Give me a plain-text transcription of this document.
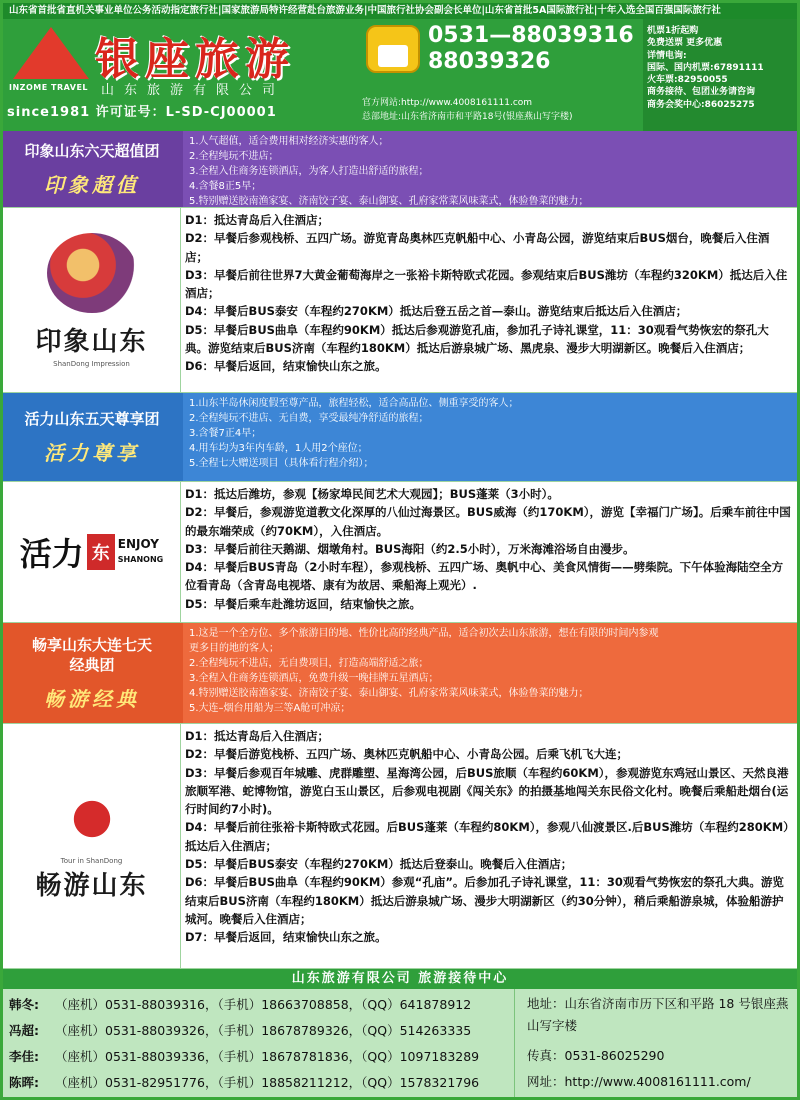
山东省首批省直机关事业单位公务活动指定旅行社|国家旅游局特许经营赴台旅游业务|中国旅行社协会副会长单位|山东省首批5A国际旅行社|十年入选全国百强国际旅行社
INZOME TRAVEL
银座旅游
山东旅游有限公司
since1981 许可证号：L-SD-CJ00001
0531—88039316
88039326
官方网站:http://www.4008161111.com
总部地址:山东省济南市和平路18号(银座燕山写字楼)
机票1折起购
免费送票 更多优惠
详情电询:
国际、国内机票:67891111
火车票:82950055
商务接待、包团业务请咨询
商务会奖中心:86025275
印象山东六天超值团
印象超值
1.人气超值，适合费用相对经济实惠的客人；
2.全程纯玩不进店；
3.全程入住商务连锁酒店，为客人打造出舒适的旅程；
4.含餐8正5早；
5.特别赠送胶南渔家宴、济南饺子宴、泰山御宴、孔府家常菜风味菜式，体验鲁菜的魅力；
印象山东
ShanDong Impression

D1：抵达青岛后入住酒店；

D2：早餐后参观栈桥、五四广场。游览青岛奥林匹克帆船中心、小青岛公园，游览结束后BUS烟台，晚餐后入住酒店；

D3：早餐后前往世界7大黄金葡萄海岸之一张裕卡斯特欧式花园。参观结束后BUS潍坊（车程约320KM）抵达后入住酒店；

D4：早餐后BUS泰安（车程约270KM）抵达后登五岳之首—泰山。游览结束后抵达后入住酒店；

D5：早餐后BUS曲阜（车程约90KM）抵达后参观游览孔庙，参加孔子诗礼课堂，11：30观看气势恢宏的祭孔大典。游览结束后BUS济南（车程约180KM）抵达后游泉城广场、黑虎泉、漫步大明湖新区。晚餐后入住酒店；

D6：早餐后返回，结束愉快山东之旅。

活力山东五天尊享团
活力尊享
1.山东半岛休闲度假至尊产品，旅程轻松，适合高品位、侧重享受的客人；
2.全程纯玩不进店、无自费，享受最纯净舒适的旅程；
3.含餐7正4早；
4.用车均为3年内车龄，1人用2个座位；
5.全程七大赠送项目（具体看行程介绍）；
活力 东 ENJOY
SHANONG

D1：抵达后潍坊，参观【杨家埠民间艺术大观园】；BUS蓬莱（3小时）。

D2：早餐后，参观游览道教文化深厚的八仙过海景区。BUS威海（约170KM），游览【幸福门广场】。后乘车前往中国的最东端荣成（约70KM），入住酒店。

D3：早餐后前往天鹅湖、烟墩角村。BUS海阳（约2.5小时），万米海滩浴场自由漫步。

D4：早餐后BUS青岛（2小时车程），参观栈桥、五四广场、奥帆中心、美食风情街——劈柴院。下午体验海陆空全方位看青岛（含青岛电视塔、康有为故居、乘船海上观光）.

D5：早餐后乘车赴潍坊返回，结束愉快之旅。

畅享山东大连七天经典团
畅游经典
1.这是一个全方位、多个旅游目的地、性价比高的经典产品，适合初次去山东旅游，想在有限的时间内参观
更多目的地的客人；
2.全程纯玩不进店，无自费项目，打造高端舒适之旅；
3.全程入住商务连锁酒店，免费升级一晚挂牌五星酒店；
4.特别赠送胶南渔家宴、济南饺子宴、泰山御宴、孔府家常菜风味菜式，体验鲁菜的魅力；
5.大连–烟台用船为三等A舱可冲凉；
Tour in ShanDong
畅游山东

D1：抵达青岛后入住酒店；

D2：早餐后游览栈桥、五四广场、奥林匹克帆船中心、小青岛公园。后乘飞机飞大连；

D3：早餐后参观百年城雕、虎群雕塑、星海湾公园，后BUS旅顺（车程约60KM），参观游览东鸡冠山景区、天然良港旅顺军港、蛇博物馆，游览白玉山景区，后参观电视剧《闯关东》的拍摄基地闯关东民俗文化村。晚餐后乘船赴烟台(运行时间约7小时)。

D4：早餐后前往张裕卡斯特欧式花园。后BUS蓬莱（车程约80KM），参观八仙渡景区.后BUS潍坊（车程约280KM）抵达后入住酒店；

D5：早餐后BUS泰安（车程约270KM）抵达后登泰山。晚餐后入住酒店；

D6：早餐后BUS曲阜（车程约90KM）参观“孔庙”。后参加孔子诗礼课堂，11：30观看气势恢宏的祭孔大典。游览结束后BUS济南（车程约180KM）抵达后游泉城广场、漫步大明湖新区（约30分钟），稍后乘船游泉城，体验船游护城河。晚餐后入住酒店；

D7：早餐后返回，结束愉快山东之旅。

山东旅游有限公司 旅游接待中心
韩冬: （座机）0531-88039316，（手机）18663708858，（QQ）641878912
冯超: （座机）0531-88039326，（手机）18678789326，（QQ）514263335
李佳: （座机）0531-88039336，（手机）18678781836，（QQ）1097183289
陈晖: （座机）0531-82951776，（手机）18858211212，（QQ）1578321796
地址：山东省济南市历下区和平路 18 号银座燕山写字楼
传真：0531-86025290
网址：http://www.4008161111.com/
